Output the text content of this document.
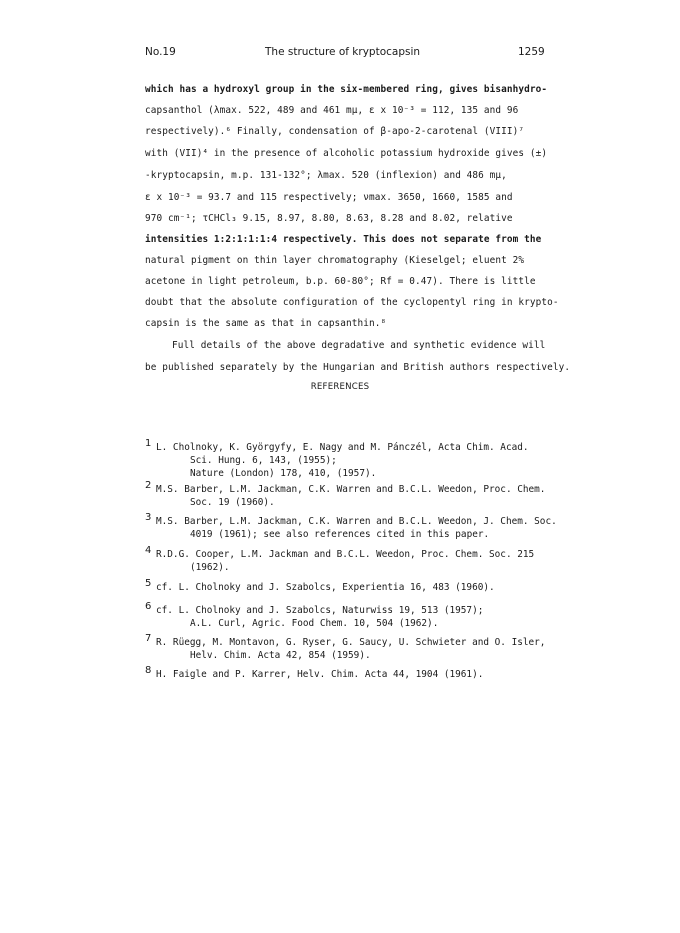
No.19	The structure of kryptocapsin	1259
which has a hydroxyl group in the six-membered ring, gives bisanhydro-
capsanthol (λmax. 522, 489 and 461 mμ, ε x 10⁻³ = 112, 135 and 96
respectively).⁶ Finally, condensation of β-apo-2-carotenal (VIII)⁷
with (VII)⁴ in the presence of alcoholic potassium hydroxide gives (±)
-kryptocapsin, m.p. 131-132°; λmax. 520 (inflexion) and 486 mμ,
ε x 10⁻³ = 93.7 and 115 respectively; νmax. 3650, 1660, 1585 and
970 cm⁻¹; τCHCl₃ 9.15, 8.97, 8.80, 8.63, 8.28 and 8.02, relative
intensities 1:2:1:1:1:4 respectively. This does not separate from the
natural pigment on thin layer chromatography (Kieselgel; eluent 2%
acetone in light petroleum, b.p. 60-80°; Rf = 0.47). There is little
doubt that the absolute configuration of the cyclopentyl ring in krypto-
capsin is the same as that in capsanthin.⁸
Full details of the above degradative and synthetic evidence will
be published separately by the Hungarian and British authors respectively.
REFERENCES
1 L. Cholnoky, K. Györgyfy, E. Nagy and M. Pánczél, Acta Chim. Acad.
Sci. Hung. 6, 143, (1955);
Nature (London) 178, 410, (1957).
2 M.S. Barber, L.M. Jackman, C.K. Warren and B.C.L. Weedon, Proc. Chem.
Soc. 19 (1960).
3 M.S. Barber, L.M. Jackman, C.K. Warren and B.C.L. Weedon, J. Chem. Soc.
4019 (1961); see also references cited in this paper.
4 R.D.G. Cooper, L.M. Jackman and B.C.L. Weedon, Proc. Chem. Soc. 215
(1962).
5 cf. L. Cholnoky and J. Szabolcs, Experientia 16, 483 (1960).
6 cf. L. Cholnoky and J. Szabolcs, Naturwiss 19, 513 (1957);
A.L. Curl, Agric. Food Chem. 10, 504 (1962).
7 R. Rüegg, M. Montavon, G. Ryser, G. Saucy, U. Schwieter and O. Isler,
Helv. Chim. Acta 42, 854 (1959).
8 H. Faigle and P. Karrer, Helv. Chim. Acta 44, 1904 (1961).
